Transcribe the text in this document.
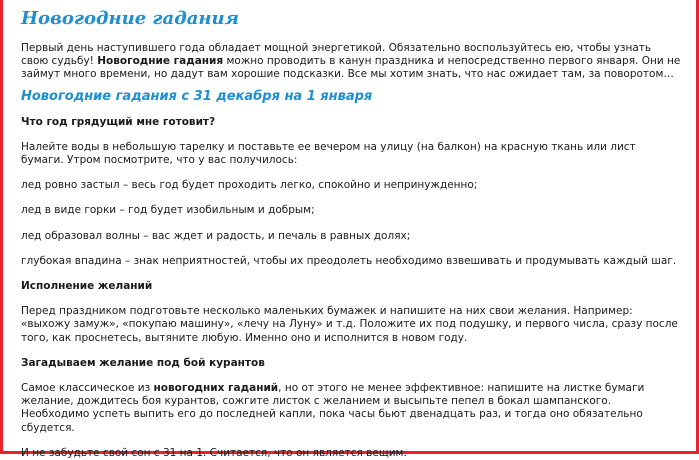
Новогодние гадания

Первый день наступившего года обладает мощной энергетикой. Обязательно воспользуйтесь ею, чтобы узнать свою судьбу! Новогодние гадания можно проводить в канун праздника и непосредственно первого января. Они не займут много времени, но дадут вам хорошие подсказки. Все мы хотим знать, что нас ожидает там, за поворотом…

Новогодние гадания с 31 декабря на 1 января

Что год грядущий мне готовит?

Налейте воды в небольшую тарелку и поставьте ее вечером на улицу (на балкон) на красную ткань или лист бумаги. Утром посмотрите, что у вас получилось:

лед ровно застыл – весь год будет проходить легко, спокойно и непринужденно;

лед в виде горки – год будет изобильным и добрым;

лед образовал волны – вас ждет и радость, и печаль в равных долях;

глубокая впадина – знак неприятностей, чтобы их преодолеть необходимо взвешивать и продумывать каждый шаг.

Исполнение желаний

Перед праздником подготовьте несколько маленьких бумажек и напишите на них свои желания. Например: «выхожу замуж», «покупаю машину», «лечу на Луну» и т.д. Положите их под подушку, и первого числа, сразу после того, как проснетесь, вытяните любую. Именно оно и исполнится в новом году.

Загадываем желание под бой курантов

Самое классическое из новогодних гаданий, но от этого не менее эффективное: напишите на листке бумаги желание, дождитесь боя курантов, сожгите листок с желанием и высыпьте пепел в бокал шампанского. Необходимо успеть выпить его до последней капли, пока часы бьют двенадцать раз, и тогда оно обязательно сбудется.

И не забудьте свой сон с 31 на 1. Считается, что он является вещим.
